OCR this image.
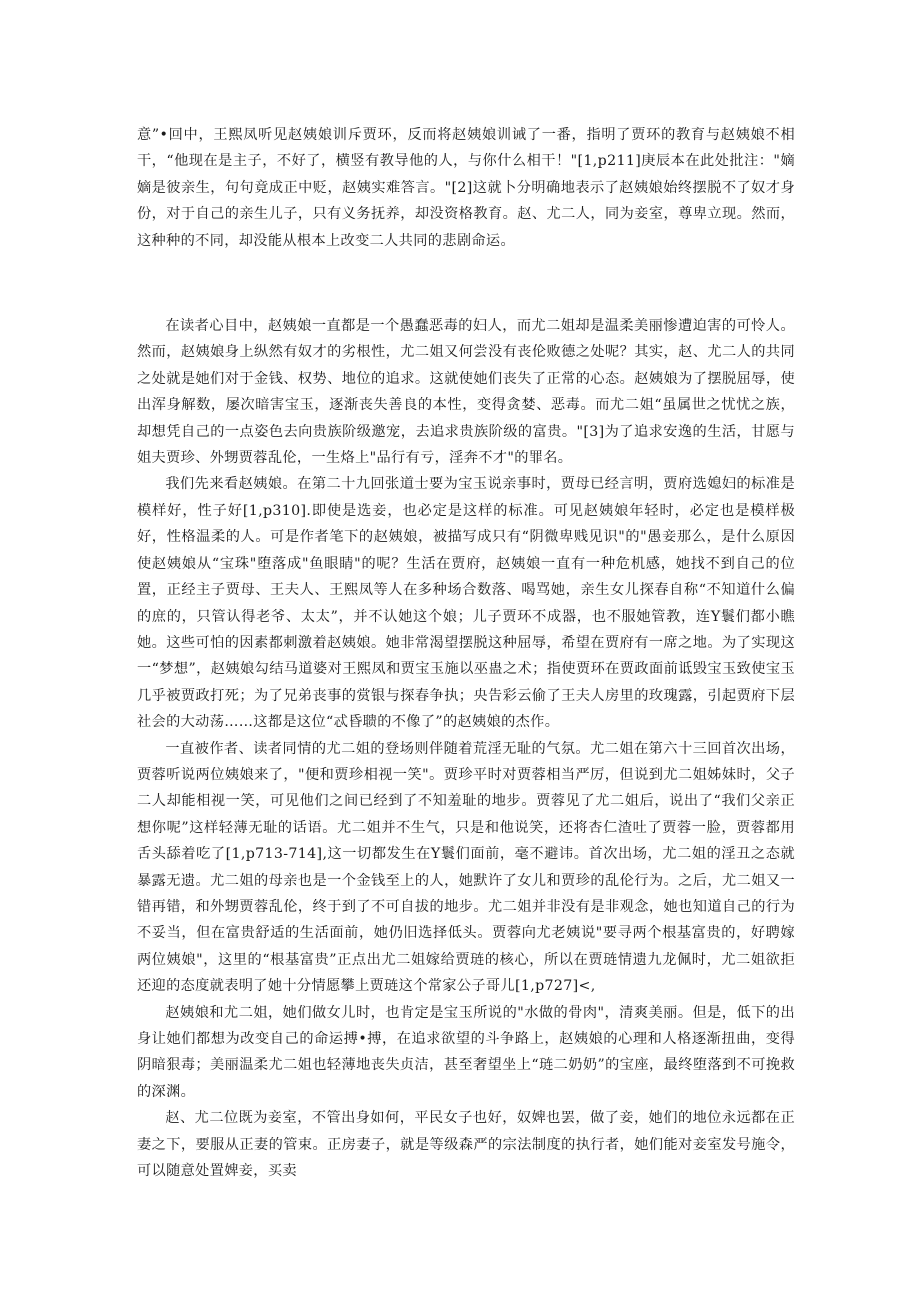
意”•回中，王熙凤听见赵姨娘训斥贾环，反而将赵姨娘训诫了一番，指明了贾环的教育与赵姨娘不相干，“他现在是主子，不好了，横竖有教导他的人，与你什么相干！"[1,p211]庚辰本在此处批注："嫡嫡是彼亲生，句句竟成正中贬，赵姨实难答言。"[2]这就卜分明确地表示了赵姨娘始终摆脱不了奴才身份，对于自己的亲生儿子，只有义务抚养，却没资格教育。赵、尤二人，同为妾室，尊卑立现。然而，这种种的不同，却没能从根本上改变二人共同的悲剧命运。

在读者心目中，赵姨娘一直都是一个愚蠢恶毒的妇人，而尤二姐却是温柔美丽惨遭迫害的可怜人。然而，赵姨娘身上纵然有奴才的劣根性，尤二姐又何尝没有丧伦败德之处呢？其实，赵、尤二人的共同之处就是她们对于金钱、权势、地位的追求。这就使她们丧失了正常的心态。赵姨娘为了摆脱屈辱，使出浑身解数，屡次暗害宝玉，逐渐丧失善良的本性，变得贪婪、恶毒。而尤二姐“虽属世之忧忧之族，却想凭自己的一点姿色去向贵族阶级邀宠，去追求贵族阶级的富贵。"[3]为了追求安逸的生活，甘愿与姐夫贾珍、外甥贾蓉乱伦，一生烙上"品行有亏，淫奔不才"的罪名。

我们先来看赵姨娘。在第二十九回张道士要为宝玉说亲事时，贾母已经言明，贾府选媳妇的标准是模样好，性子好[1,p310].即使是选妾，也必定是这样的标准。可见赵姨娘年轻时，必定也是模样极好，性格温柔的人。可是作者笔下的赵姨娘，被描写成只有“阴微卑贱见识"的"愚妾那么，是什么原因使赵姨娘从“宝珠"堕落成"鱼眼睛"的呢？生活在贾府，赵姨娘一直有一种危机感，她找不到自己的位置，正经主子贾母、王夫人、王熙凤等人在多种场合数落、喝骂她，亲生女儿探春自称“不知道什么偏的庶的，只管认得老爷、太太”，并不认她这个娘；儿子贾环不成器，也不服她管教，连Y鬟们都小瞧她。这些可怕的因素都刺激着赵姨娘。她非常渴望摆脱这种屈辱，希望在贾府有一席之地。为了实现这一“梦想”，赵姨娘勾结马道婆对王熙凤和贾宝玉施以巫蛊之术；指使贾环在贾政面前诋毁宝玉致使宝玉几乎被贾政打死；为了兄弟丧事的赏银与探春争执；央告彩云偷了王夫人房里的玫瑰露，引起贾府下层社会的大动荡……这都是这位“忒昏聩的不像了”的赵姨娘的杰作。

一直被作者、读者同情的尤二姐的登场则伴随着荒淫无耻的气氛。尤二姐在第六十三回首次出场，贾蓉听说两位姨娘来了，"便和贾珍相视一笑"。贾珍平时对贾蓉相当严厉，但说到尤二姐姊妹时，父子二人却能相视一笑，可见他们之间已经到了不知羞耻的地步。贾蓉见了尤二姐后，说出了“我们父亲正想你呢”这样轻薄无耻的话语。尤二姐并不生气，只是和他说笑，还将杏仁渣吐了贾蓉一脸，贾蓉都用舌头舔着吃了[1,p713-714],这一切都发生在Y鬟们面前，毫不避讳。首次出场，尤二姐的淫丑之态就暴露无遗。尤二姐的母亲也是一个金钱至上的人，她默许了女儿和贾珍的乱伦行为。之后，尤二姐又一错再错，和外甥贾蓉乱伦，终于到了不可自拔的地步。尤二姐并非没有是非观念，她也知道自己的行为不妥当，但在富贵舒适的生活面前，她仍旧选择低头。贾蓉向尤老姨说"要寻两个根基富贵的，好聘嫁两位姨娘"，这里的“根基富贵”正点出尤二姐嫁给贾琏的核心，所以在贾琏情遗九龙佩时，尤二姐欲拒还迎的态度就表明了她十分情愿攀上贾琏这个常家公子哥儿[1,p727]<,

赵姨娘和尤二姐，她们做女儿时，也肯定是宝玉所说的"水做的骨肉"，清爽美丽。但是，低下的出身让她们都想为改变自己的命运搏•搏，在追求欲望的斗争路上，赵姨娘的心理和人格逐渐扭曲，变得阴暗狠毒；美丽温柔尤二姐也轻薄地丧失贞洁，甚至奢望坐上“琏二奶奶”的宝座，最终堕落到不可挽救的深渊。

赵、尤二位既为妾室，不管出身如何，平民女子也好，奴婢也罢，做了妾，她们的地位永远都在正妻之下，要服从正妻的管束。正房妻子，就是等级森严的宗法制度的执行者，她们能对妾室发号施令，可以随意处置婢妾，买卖
